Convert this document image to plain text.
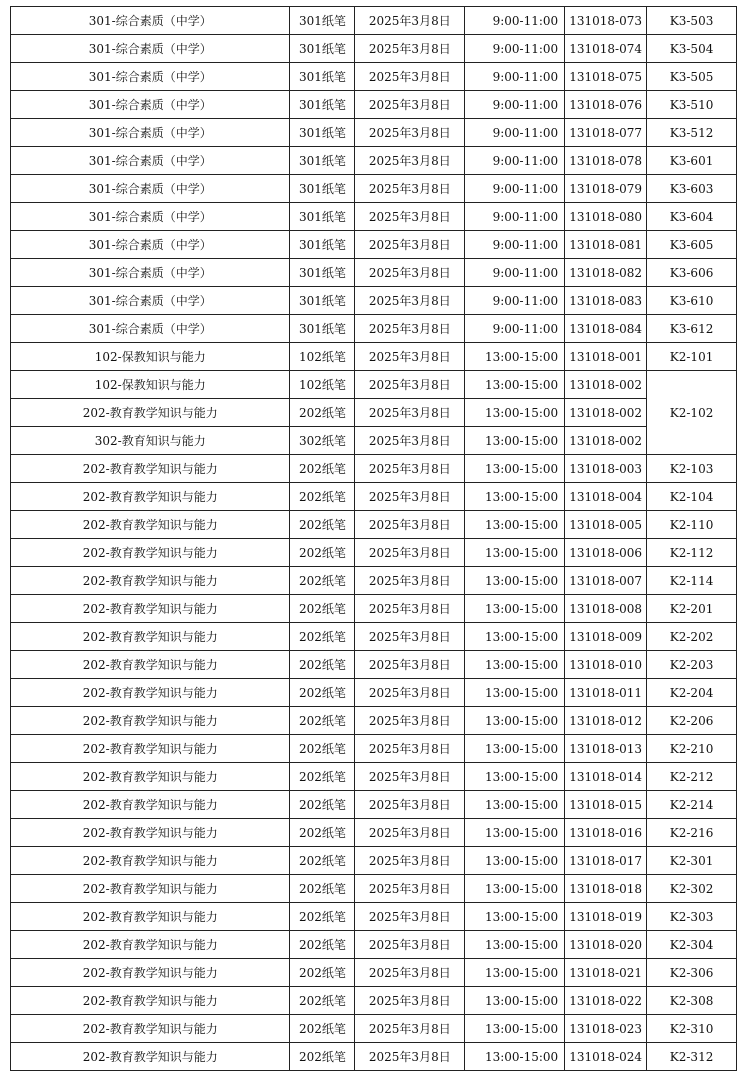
301-综合素质（中学）	301纸笔	2025年3月8日	9:00-11:00	131018-073	K3-503
301-综合素质（中学）	301纸笔	2025年3月8日	9:00-11:00	131018-074	K3-504
301-综合素质（中学）	301纸笔	2025年3月8日	9:00-11:00	131018-075	K3-505
301-综合素质（中学）	301纸笔	2025年3月8日	9:00-11:00	131018-076	K3-510
301-综合素质（中学）	301纸笔	2025年3月8日	9:00-11:00	131018-077	K3-512
301-综合素质（中学）	301纸笔	2025年3月8日	9:00-11:00	131018-078	K3-601
301-综合素质（中学）	301纸笔	2025年3月8日	9:00-11:00	131018-079	K3-603
301-综合素质（中学）	301纸笔	2025年3月8日	9:00-11:00	131018-080	K3-604
301-综合素质（中学）	301纸笔	2025年3月8日	9:00-11:00	131018-081	K3-605
301-综合素质（中学）	301纸笔	2025年3月8日	9:00-11:00	131018-082	K3-606
301-综合素质（中学）	301纸笔	2025年3月8日	9:00-11:00	131018-083	K3-610
301-综合素质（中学）	301纸笔	2025年3月8日	9:00-11:00	131018-084	K3-612
102-保教知识与能力	102纸笔	2025年3月8日	13:00-15:00	131018-001	K2-101
102-保教知识与能力	102纸笔	2025年3月8日	13:00-15:00	131018-002	K2-102
202-教育教学知识与能力	202纸笔	2025年3月8日	13:00-15:00	131018-002	
302-教育知识与能力	302纸笔	2025年3月8日	13:00-15:00	131018-002	
202-教育教学知识与能力	202纸笔	2025年3月8日	13:00-15:00	131018-003	K2-103
202-教育教学知识与能力	202纸笔	2025年3月8日	13:00-15:00	131018-004	K2-104
202-教育教学知识与能力	202纸笔	2025年3月8日	13:00-15:00	131018-005	K2-110
202-教育教学知识与能力	202纸笔	2025年3月8日	13:00-15:00	131018-006	K2-112
202-教育教学知识与能力	202纸笔	2025年3月8日	13:00-15:00	131018-007	K2-114
202-教育教学知识与能力	202纸笔	2025年3月8日	13:00-15:00	131018-008	K2-201
202-教育教学知识与能力	202纸笔	2025年3月8日	13:00-15:00	131018-009	K2-202
202-教育教学知识与能力	202纸笔	2025年3月8日	13:00-15:00	131018-010	K2-203
202-教育教学知识与能力	202纸笔	2025年3月8日	13:00-15:00	131018-011	K2-204
202-教育教学知识与能力	202纸笔	2025年3月8日	13:00-15:00	131018-012	K2-206
202-教育教学知识与能力	202纸笔	2025年3月8日	13:00-15:00	131018-013	K2-210
202-教育教学知识与能力	202纸笔	2025年3月8日	13:00-15:00	131018-014	K2-212
202-教育教学知识与能力	202纸笔	2025年3月8日	13:00-15:00	131018-015	K2-214
202-教育教学知识与能力	202纸笔	2025年3月8日	13:00-15:00	131018-016	K2-216
202-教育教学知识与能力	202纸笔	2025年3月8日	13:00-15:00	131018-017	K2-301
202-教育教学知识与能力	202纸笔	2025年3月8日	13:00-15:00	131018-018	K2-302
202-教育教学知识与能力	202纸笔	2025年3月8日	13:00-15:00	131018-019	K2-303
202-教育教学知识与能力	202纸笔	2025年3月8日	13:00-15:00	131018-020	K2-304
202-教育教学知识与能力	202纸笔	2025年3月8日	13:00-15:00	131018-021	K2-306
202-教育教学知识与能力	202纸笔	2025年3月8日	13:00-15:00	131018-022	K2-308
202-教育教学知识与能力	202纸笔	2025年3月8日	13:00-15:00	131018-023	K2-310
202-教育教学知识与能力	202纸笔	2025年3月8日	13:00-15:00	131018-024	K2-312
